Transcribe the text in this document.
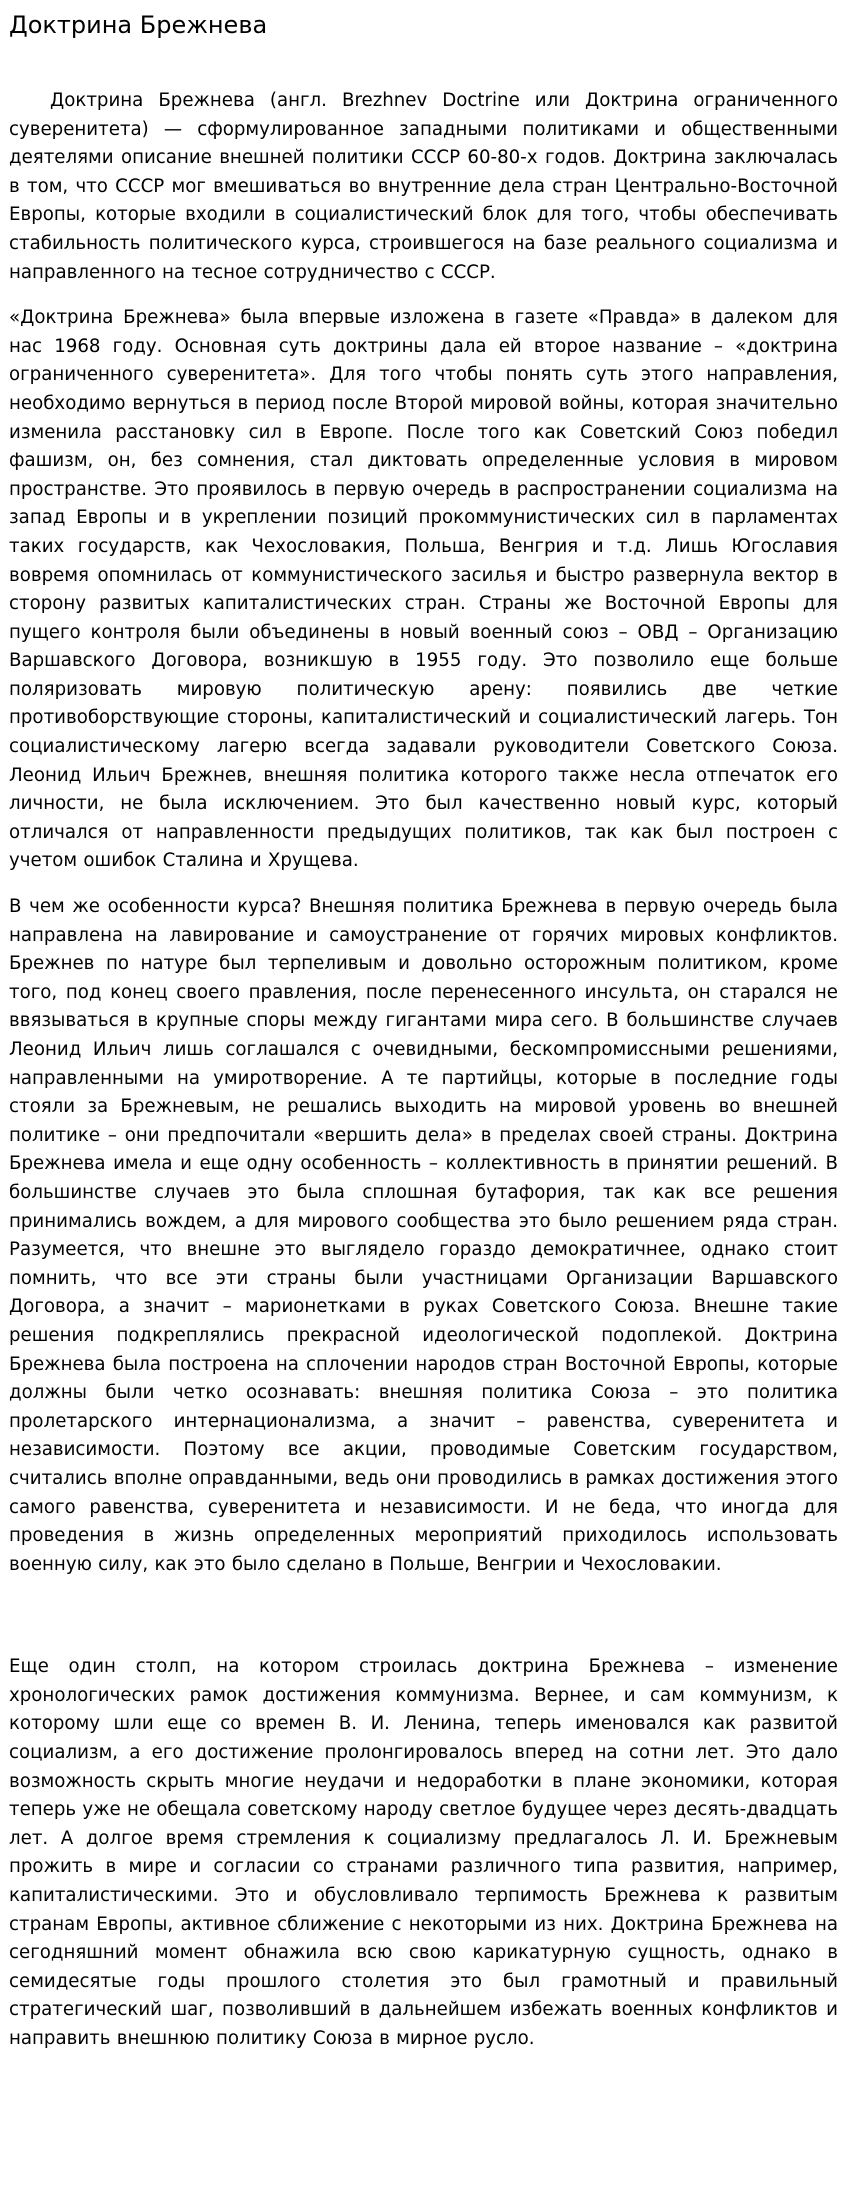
Доктрина Брежнева

Доктрина Брежнева (англ. Brezhnev Doctrine или Доктрина ограниченного суверенитета) — сформулированное западными политиками и общественными деятелями описание внешней политики СССР 60-80-х годов. Доктрина заключалась в том, что СССР мог вмешиваться во внутренние дела стран Центрально-Восточной Европы, которые входили в социалистический блок для того, чтобы обеспечивать стабильность политического курса, строившегося на базе реального социализма и направленного на тесное сотрудничество с СССР.

«Доктрина Брежнева» была впервые изложена в газете «Правда» в далеком для нас 1968 году. Основная суть доктрины дала ей второе название – «доктрина ограниченного суверенитета». Для того чтобы понять суть этого направления, необходимо вернуться в период после Второй мировой войны, которая значительно изменила расстановку сил в Европе. После того как Советский Союз победил фашизм, он, без сомнения, стал диктовать определенные условия в мировом пространстве. Это проявилось в первую очередь в распространении социализма на запад Европы и в укреплении позиций прокоммунистических сил в парламентах таких государств, как Чехословакия, Польша, Венгрия и т.д. Лишь Югославия вовремя опомнилась от коммунистического засилья и быстро развернула вектор в сторону развитых капиталистических стран. Страны же Восточной Европы для пущего контроля были объединены в новый военный союз – ОВД – Организацию Варшавского Договора, возникшую в 1955 году. Это позволило еще больше поляризовать мировую политическую арену: появились две четкие противоборствующие стороны, капиталистический и социалистический лагерь. Тон социалистическому лагерю всегда задавали руководители Советского Союза. Леонид Ильич Брежнев, внешняя политика которого также несла отпечаток его личности, не была исключением. Это был качественно новый курс, который отличался от направленности предыдущих политиков, так как был построен с учетом ошибок Сталина и Хрущева.

В чем же особенности курса? Внешняя политика Брежнева в первую очередь была направлена на лавирование и самоустранение от горячих мировых конфликтов. Брежнев по натуре был терпеливым и довольно осторожным политиком, кроме того, под конец своего правления, после перенесенного инсульта, он старался не ввязываться в крупные споры между гигантами мира сего. В большинстве случаев Леонид Ильич лишь соглашался с очевидными, бескомпромиссными решениями, направленными на умиротворение. А те партийцы, которые в последние годы стояли за Брежневым, не решались выходить на мировой уровень во внешней политике – они предпочитали «вершить дела» в пределах своей страны. Доктрина Брежнева имела и еще одну особенность – коллективность в принятии решений. В большинстве случаев это была сплошная бутафория, так как все решения принимались вождем, а для мирового сообщества это было решением ряда стран. Разумеется, что внешне это выглядело гораздо демократичнее, однако стоит помнить, что все эти страны были участницами Организации Варшавского Договора, а значит – марионетками в руках Советского Союза. Внешне такие решения подкреплялись прекрасной идеологической подоплекой. Доктрина Брежнева была построена на сплочении народов стран Восточной Европы, которые должны были четко осознавать: внешняя политика Союза – это политика пролетарского интернационализма, а значит – равенства, суверенитета и независимости. Поэтому все акции, проводимые Советским государством, считались вполне оправданными, ведь они проводились в рамках достижения этого самого равенства, суверенитета и независимости. И не беда, что иногда для проведения в жизнь определенных мероприятий приходилось использовать военную силу, как это было сделано в Польше, Венгрии и Чехословакии.

Еще один столп, на котором строилась доктрина Брежнева – изменение хронологических рамок достижения коммунизма. Вернее, и сам коммунизм, к которому шли еще со времен В. И. Ленина, теперь именовался как развитой социализм, а его достижение пролонгировалось вперед на сотни лет. Это дало возможность скрыть многие неудачи и недоработки в плане экономики, которая теперь уже не обещала советскому народу светлое будущее через десять-двадцать лет. А долгое время стремления к социализму предлагалось Л. И. Брежневым прожить в мире и согласии со странами различного типа развития, например, капиталистическими. Это и обусловливало терпимость Брежнева к развитым странам Европы, активное сближение с некоторыми из них. Доктрина Брежнева на сегодняшний момент обнажила всю свою карикатурную сущность, однако в семидесятые годы прошлого столетия это был грамотный и правильный стратегический шаг, позволивший в дальнейшем избежать военных конфликтов и направить внешнюю политику Союза в мирное русло.
